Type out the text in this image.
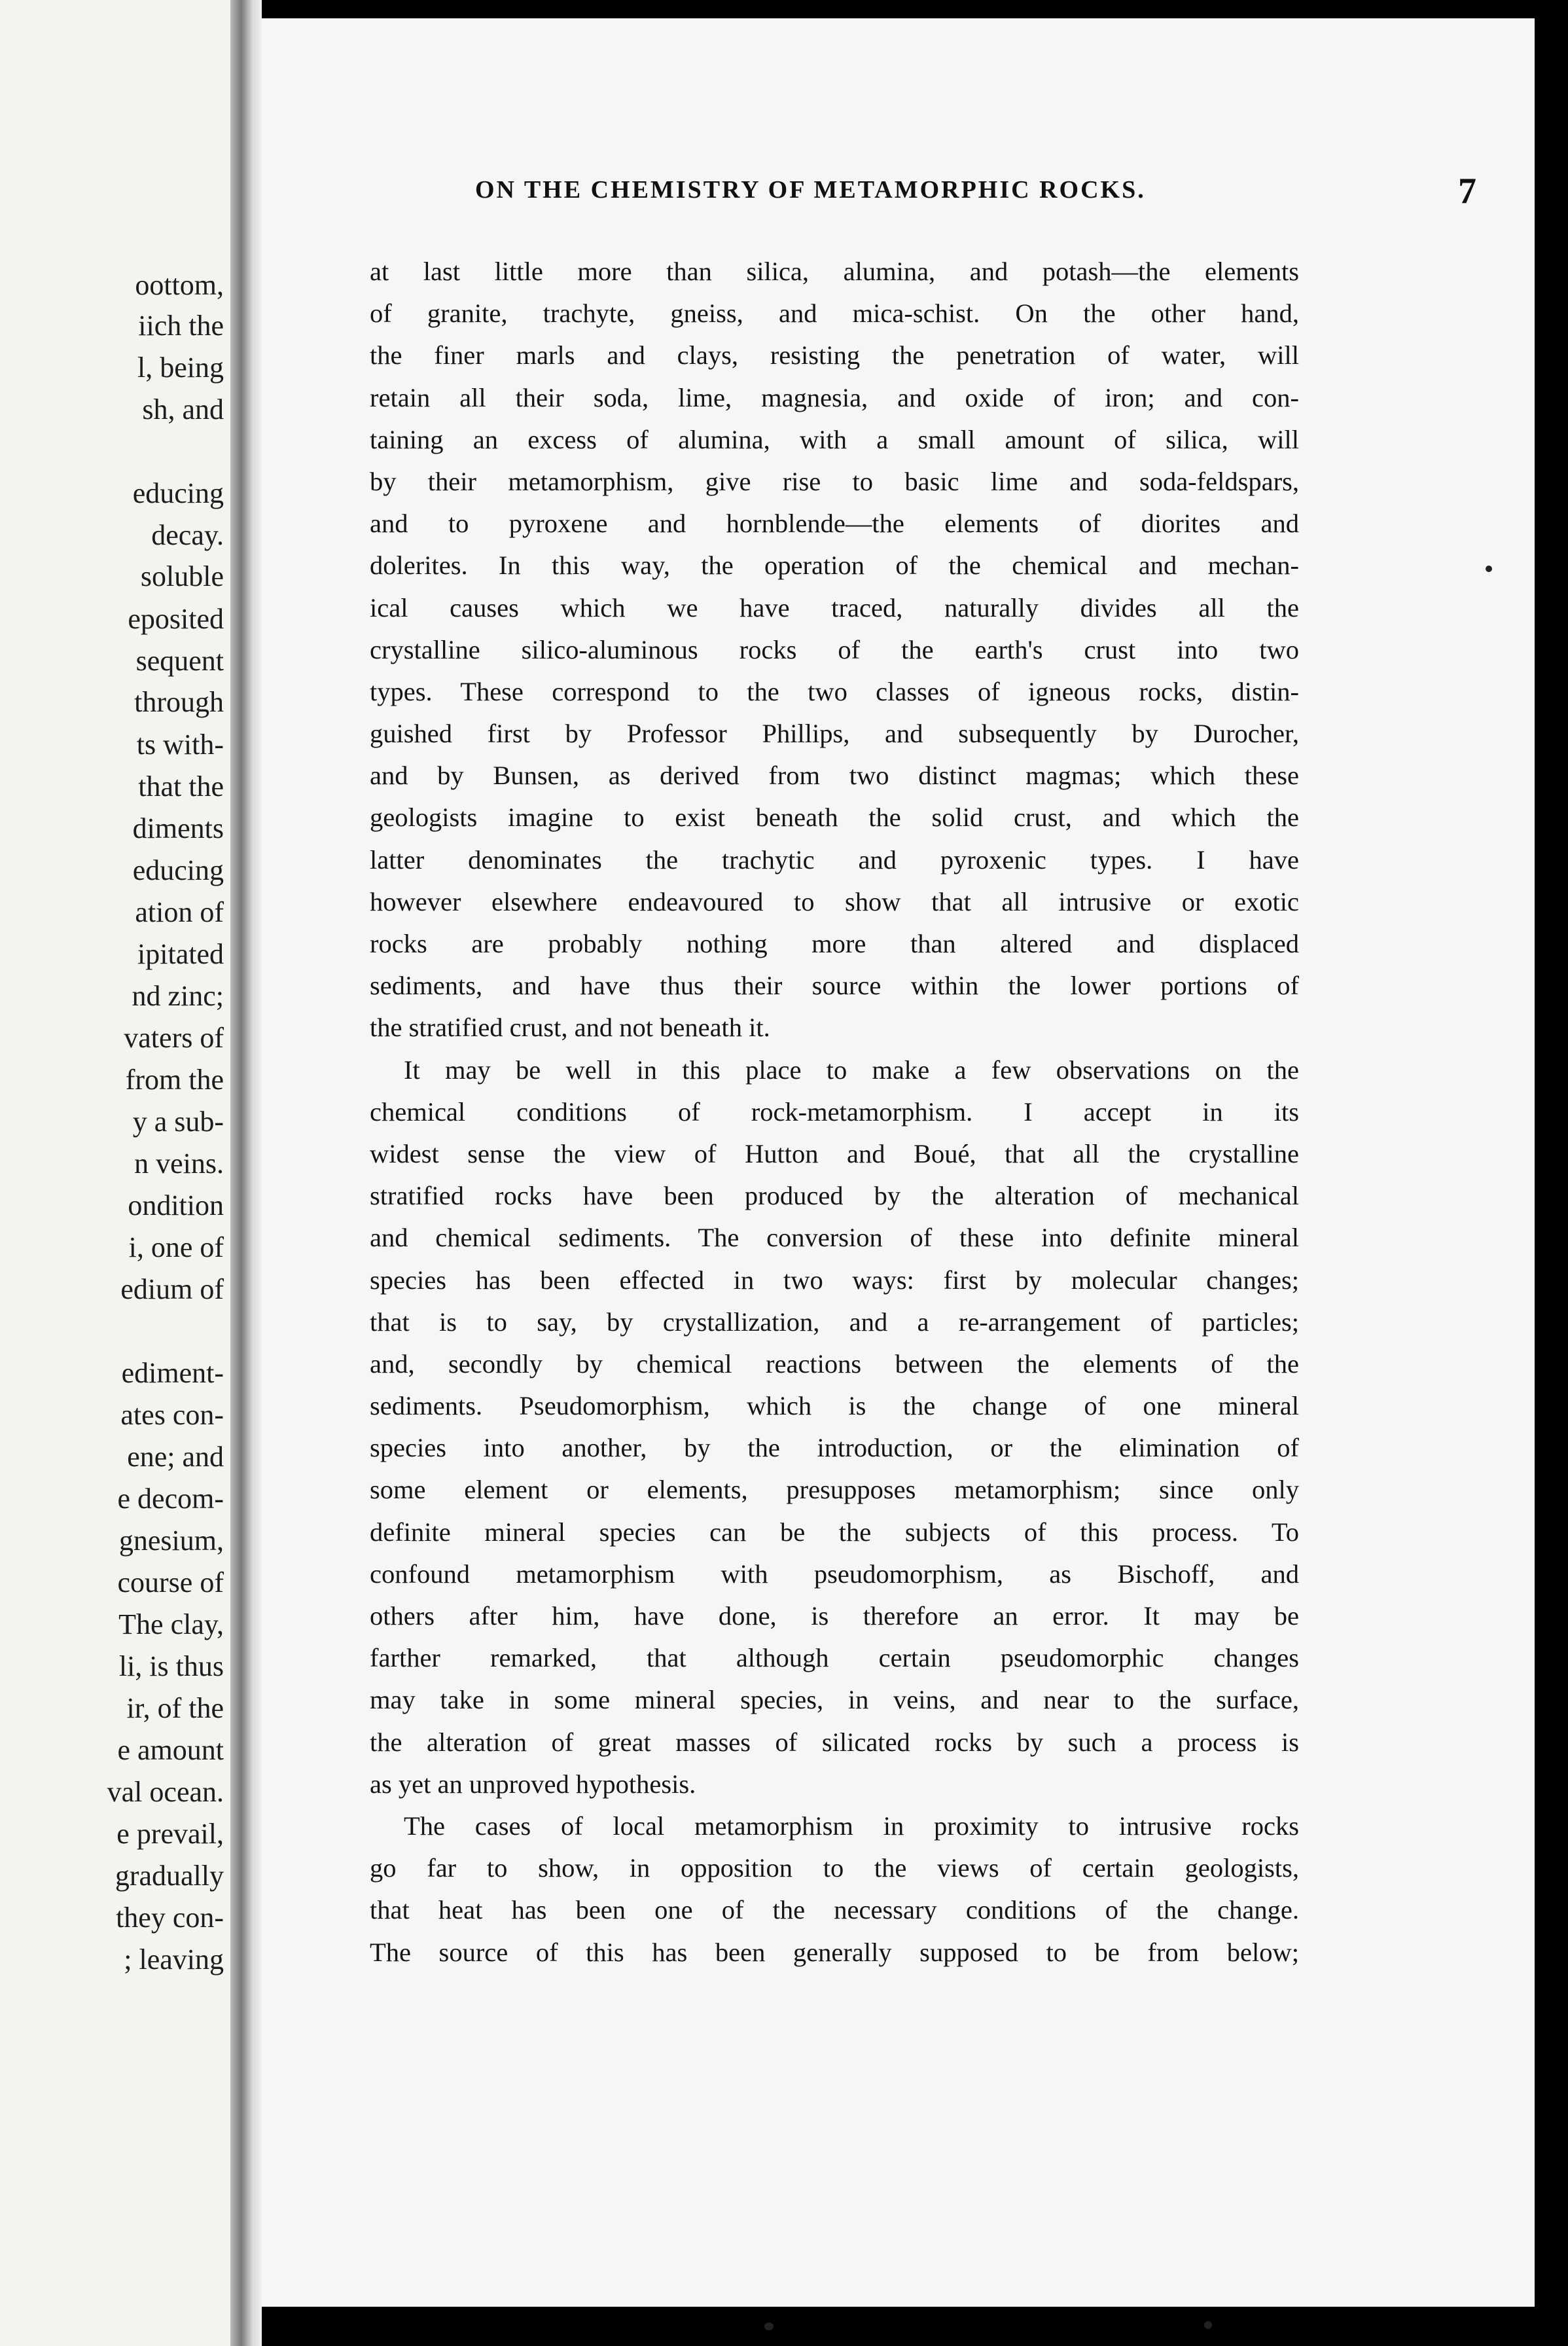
oottom,
iich the
l, being
sh, and
educing
decay.
soluble
eposited
sequent
through
ts with-
that the
diments
educing
ation of
ipitated
nd zinc;
vaters of
from the
y a sub-
n veins.
ondition
i, one of
edium of
ediment-
ates con-
ene; and
e decom-
gnesium,
course of
The clay,
li, is thus
ir, of the
e amount
val ocean.
e prevail,
gradually
they con-
; leaving
ON THE CHEMISTRY OF METAMORPHIC ROCKS.	7
at last little more than silica, alumina, and potash—the elements
of granite, trachyte, gneiss, and mica-schist. On the other hand,
the finer marls and clays, resisting the penetration of water, will
retain all their soda, lime, magnesia, and oxide of iron; and con-
taining an excess of alumina, with a small amount of silica, will
by their metamorphism, give rise to basic lime and soda-feldspars,
and to pyroxene and hornblende—the elements of diorites and
dolerites. In this way, the operation of the chemical and mechan-
ical causes which we have traced, naturally divides all the
crystalline silico-aluminous rocks of the earth's crust into two
types. These correspond to the two classes of igneous rocks, distin-
guished first by Professor Phillips, and subsequently by Durocher,
and by Bunsen, as derived from two distinct magmas; which these
geologists imagine to exist beneath the solid crust, and which the
latter denominates the trachytic and pyroxenic types. I have
however elsewhere endeavoured to show that all intrusive or exotic
rocks are probably nothing more than altered and displaced
sediments, and have thus their source within the lower portions of
the stratified crust, and not beneath it.
It may be well in this place to make a few observations on the
chemical conditions of rock-metamorphism. I accept in its
widest sense the view of Hutton and Boué, that all the crystalline
stratified rocks have been produced by the alteration of mechanical
and chemical sediments. The conversion of these into definite mineral
species has been effected in two ways: first by molecular changes;
that is to say, by crystallization, and a re-arrangement of particles;
and, secondly by chemical reactions between the elements of the
sediments. Pseudomorphism, which is the change of one mineral
species into another, by the introduction, or the elimination of
some element or elements, presupposes metamorphism; since only
definite mineral species can be the subjects of this process. To
confound metamorphism with pseudomorphism, as Bischoff, and
others after him, have done, is therefore an error. It may be
farther remarked, that although certain pseudomorphic changes
may take in some mineral species, in veins, and near to the surface,
the alteration of great masses of silicated rocks by such a process is
as yet an unproved hypothesis.
The cases of local metamorphism in proximity to intrusive rocks
go far to show, in opposition to the views of certain geologists,
that heat has been one of the necessary conditions of the change.
The source of this has been generally supposed to be from below;
